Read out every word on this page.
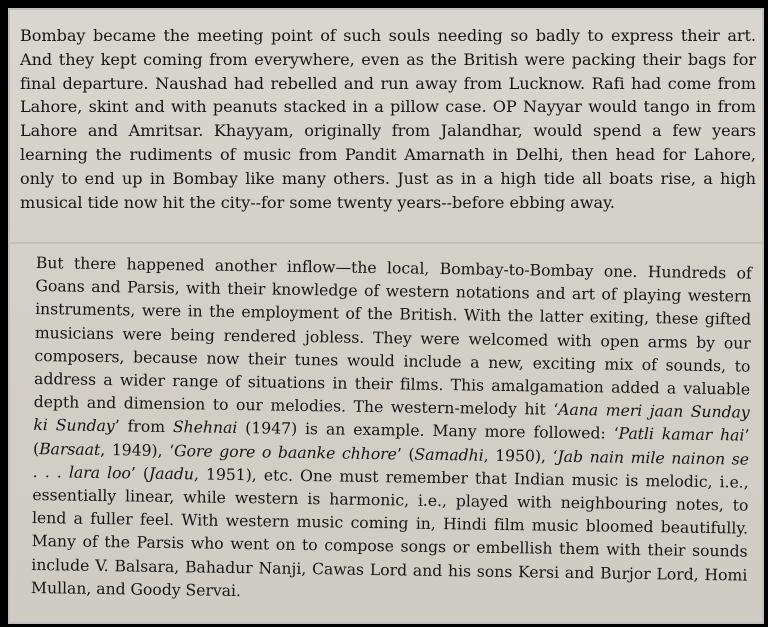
Bombay became the meeting point of such souls needing so badly to express their art.
And they kept coming from everywhere, even as the British were packing their bags for
final departure. Naushad had rebelled and run away from Lucknow. Rafi had come from
Lahore, skint and with peanuts stacked in a pillow case. OP Nayyar would tango in from
Lahore and Amritsar. Khayyam, originally from Jalandhar, would spend a few years
learning the rudiments of music from Pandit Amarnath in Delhi, then head for Lahore,
only to end up in Bombay like many others. Just as in a high tide all boats rise, a high
musical tide now hit the city--for some twenty years--before ebbing away.

But there happened another inflow—the local, Bombay-to-Bombay one. Hundreds of
Goans and Parsis, with their knowledge of western notations and art of playing western
instruments, were in the employment of the British. With the latter exiting, these gifted
musicians were being rendered jobless. They were welcomed with open arms by our
composers, because now their tunes would include a new, exciting mix of sounds, to
address a wider range of situations in their films. This amalgamation added a valuable
depth and dimension to our melodies. The western-melody hit ‘Aana meri jaan Sunday
ki Sunday’ from Shehnai (1947) is an example. Many more followed: ‘Patli kamar hai’
(Barsaat, 1949), ‘Gore gore o baanke chhore’ (Samadhi, 1950), ‘Jab nain mile nainon se
. . . lara loo’ (Jaadu, 1951), etc. One must remember that Indian music is melodic, i.e.,
essentially linear, while western is harmonic, i.e., played with neighbouring notes, to
lend a fuller feel. With western music coming in, Hindi film music bloomed beautifully.
Many of the Parsis who went on to compose songs or embellish them with their sounds
include V. Balsara, Bahadur Nanji, Cawas Lord and his sons Kersi and Burjor Lord, Homi
Mullan, and Goody Servai.
